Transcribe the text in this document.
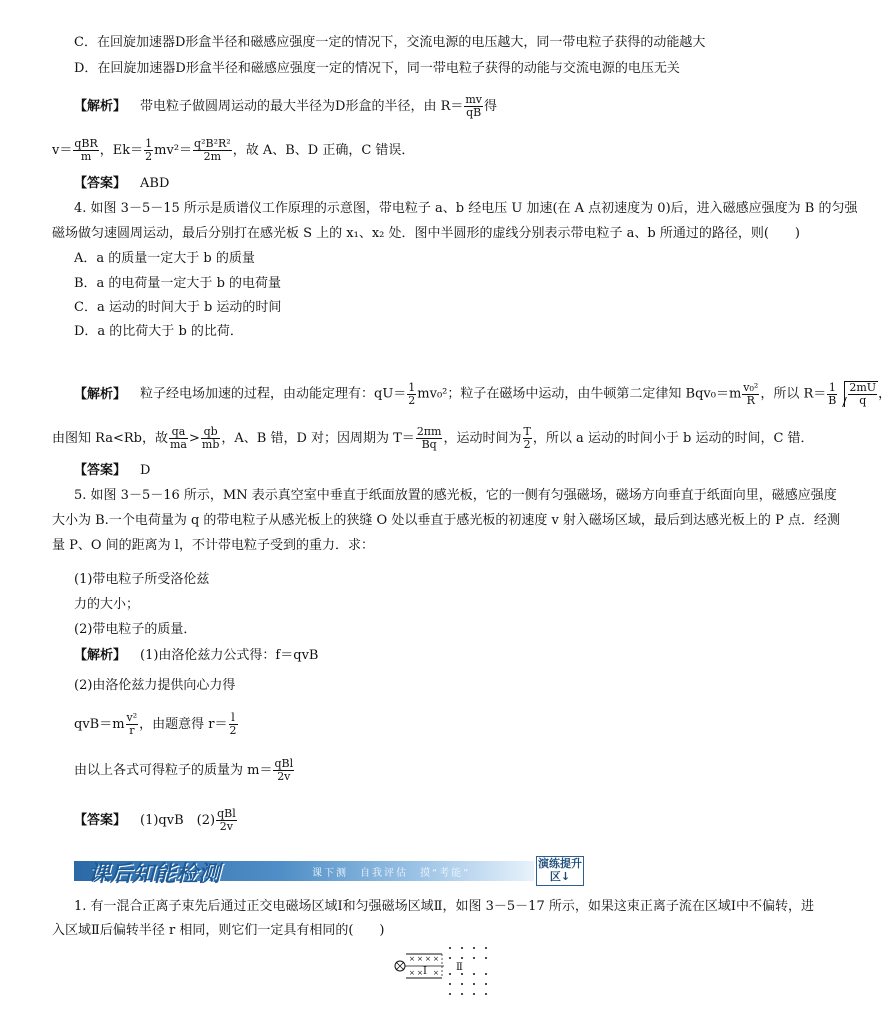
C．在回旋加速器D形盒半径和磁感应强度一定的情况下，交流电源的电压越大，同一带电粒子获得的动能越大
D．在回旋加速器D形盒半径和磁感应强度一定的情况下，同一带电粒子获得的动能与交流电源的电压无关
【解析】 带电粒子做圆周运动的最大半径为D形盒的半径，由 $R= \frac{mv}{qB}$ 得
$v= \frac{\text{qBR}}{m}$ ，$Ek= \frac{1}{2} mv^2= \frac{\text{q²B²R²}}{2m}$ ，故 A、B、D 正确，C 错误．
【答案】 ABD
4. 如图 3－5－15 所示是质谱仪工作原理的示意图，带电粒子 a、b 经电压 U 加速(在 A 点初速度为 0)后，进入磁感应强度为 B 的匀强
磁场做匀速圆周运动，最后分别打在感光板 S 上的 x₁、x₂ 处．图中半圆形的虚线分别表示带电粒子 a、b 所通过的路径，则(　　)
A．a 的质量一定大于 b 的质量
B．a 的电荷量一定大于 b 的电荷量
C．a 运动的时间大于 b 运动的时间
D．a 的比荷大于 b 的比荷．
【解析】 粒子经电场加速的过程，由动能定理有：$qU= \frac{1}{2} mv_0^2$；粒子在磁场中运动，由牛顿第二定律知 $Bqv_0=m \frac{\text{v₀²}}{R}$ ，所以 $R= \frac{1}{B} \frac{2mU}{q}$ ，
由图知 Ra<Rb，故 $\frac{qa}{ma} > \frac{qb}{mb}$ ，A、B 错，D 对；因周期为 $T= \frac{2\pi m}{Bq}$ ，运动时间为 $\frac{T}{2}$ ，所以 a 运动的时间小于 b 运动的时间，C 错．
【答案】 D
5. 如图 3－5－16 所示，MN 表示真空室中垂直于纸面放置的感光板，它的一侧有匀强磁场，磁场方向垂直于纸面向里，磁感应强度
大小为 B.一个电荷量为 q 的带电粒子从感光板上的狭缝 O 处以垂直于感光板的初速度 v 射入磁场区域，最后到达感光板上的 P 点．经测
量 P、O 间的距离为 l，不计带电粒子受到的重力．求：
(1)带电粒子所受洛伦兹
力的大小；
(2)带电粒子的质量．
【解析】 (1)由洛伦兹力公式得：f＝qvB
(2)由洛伦兹力提供向心力得
$qvB=m \frac{\text{v²}}{r}$ ，由题意得 $r= \frac{l}{2}$
由以上各式可得粒子的质量为 $m= \frac{\text{qBl}}{2v}$
【答案】 (1)qvB　$(2) \frac{\text{qBl}}{2v}$
课后知能检测	课下测　自我评估　摸“考能”
演练提升区↓
1. 有一混合正离子束先后通过正交电磁场区域Ⅰ和匀强磁场区域Ⅱ，如图 3－5－17 所示，如果这束正离子流在区域Ⅰ中不偏转，进
入区域Ⅱ后偏转半径 r 相同，则它们一定具有相同的(　　)
× × × ×
× × ×
Ⅰ	Ⅱ
